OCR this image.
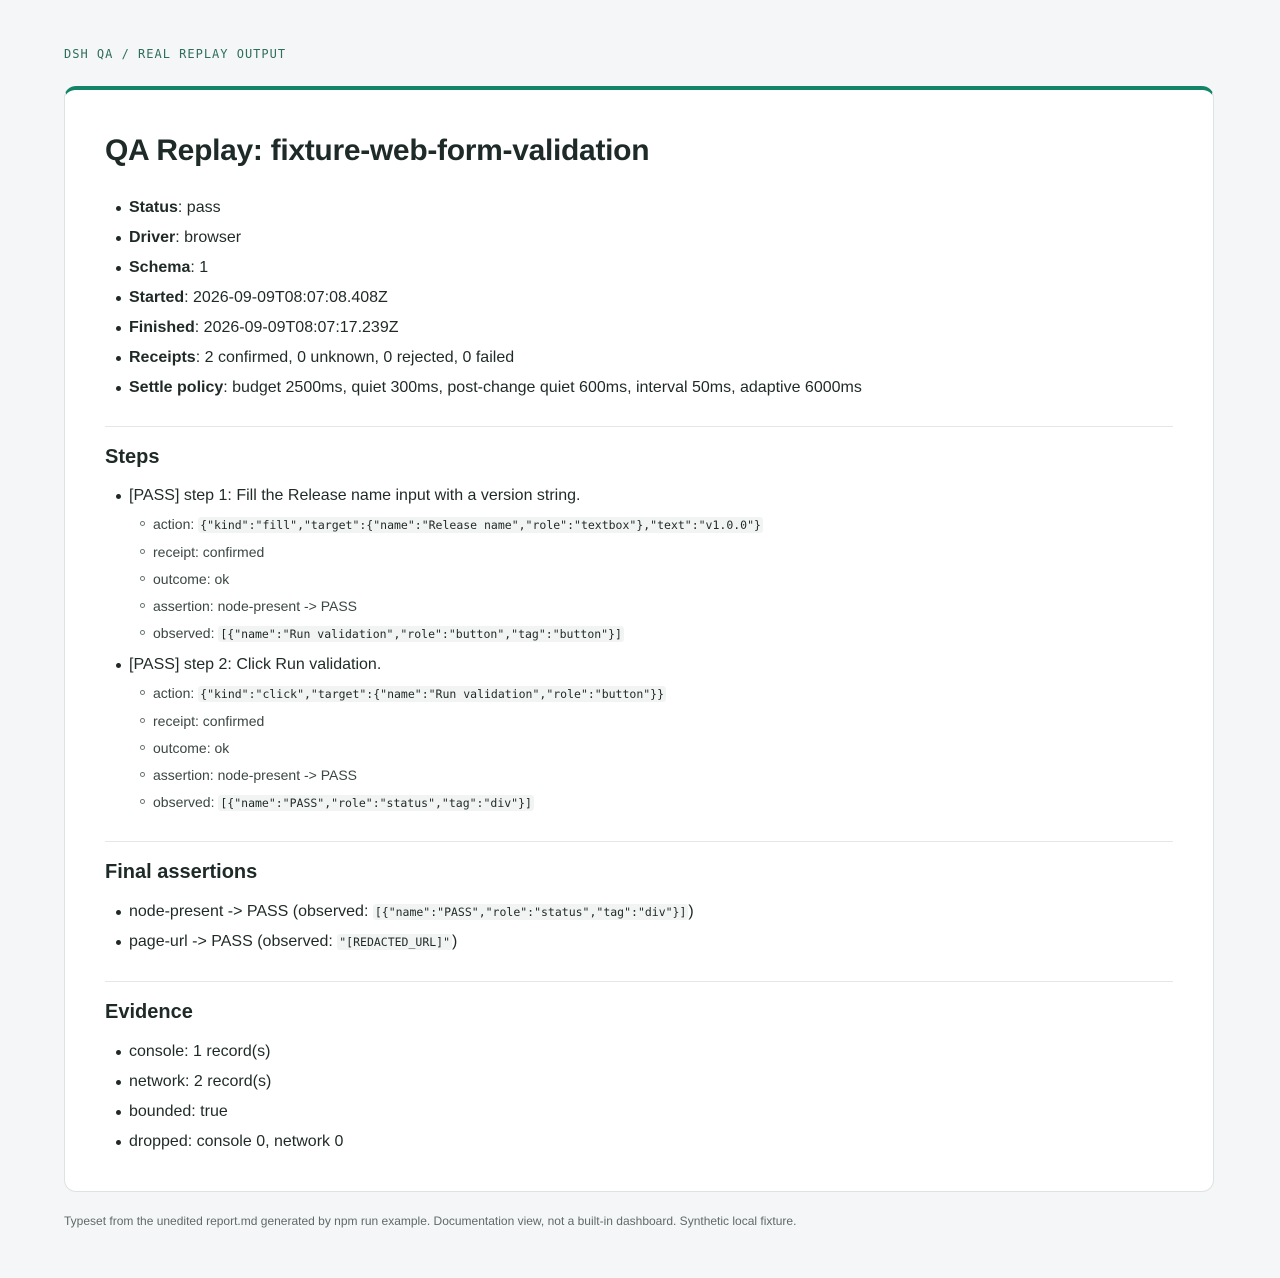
DSH QA / REAL REPLAY OUTPUT
QA Replay: fixture-web-form-validation
Status: pass
Driver: browser
Schema: 1
Started: 2026-09-09T08:07:08.408Z
Finished: 2026-09-09T08:07:17.239Z
Receipts: 2 confirmed, 0 unknown, 0 rejected, 0 failed
Settle policy: budget 2500ms, quiet 300ms, post-change quiet 600ms, interval 50ms, adaptive 6000ms
Steps
[PASS] step 1: Fill the Release name input with a version string.
action: {"kind":"fill","target":{"name":"Release name","role":"textbox"},"text":"v1.0.0"}
receipt: confirmed
outcome: ok
assertion: node-present -> PASS
observed: [{"name":"Run validation","role":"button","tag":"button"}]
[PASS] step 2: Click Run validation.
action: {"kind":"click","target":{"name":"Run validation","role":"button"}}
receipt: confirmed
outcome: ok
assertion: node-present -> PASS
observed: [{"name":"PASS","role":"status","tag":"div"}]
Final assertions
node-present -> PASS (observed: [{"name":"PASS","role":"status","tag":"div"}] )
page-url -> PASS (observed: "[REDACTED_URL]" )
Evidence
console: 1 record(s)
network: 2 record(s)
bounded: true
dropped: console 0, network 0
Typeset from the unedited report.md generated by npm run example. Documentation view, not a built-in dashboard. Synthetic local fixture.
